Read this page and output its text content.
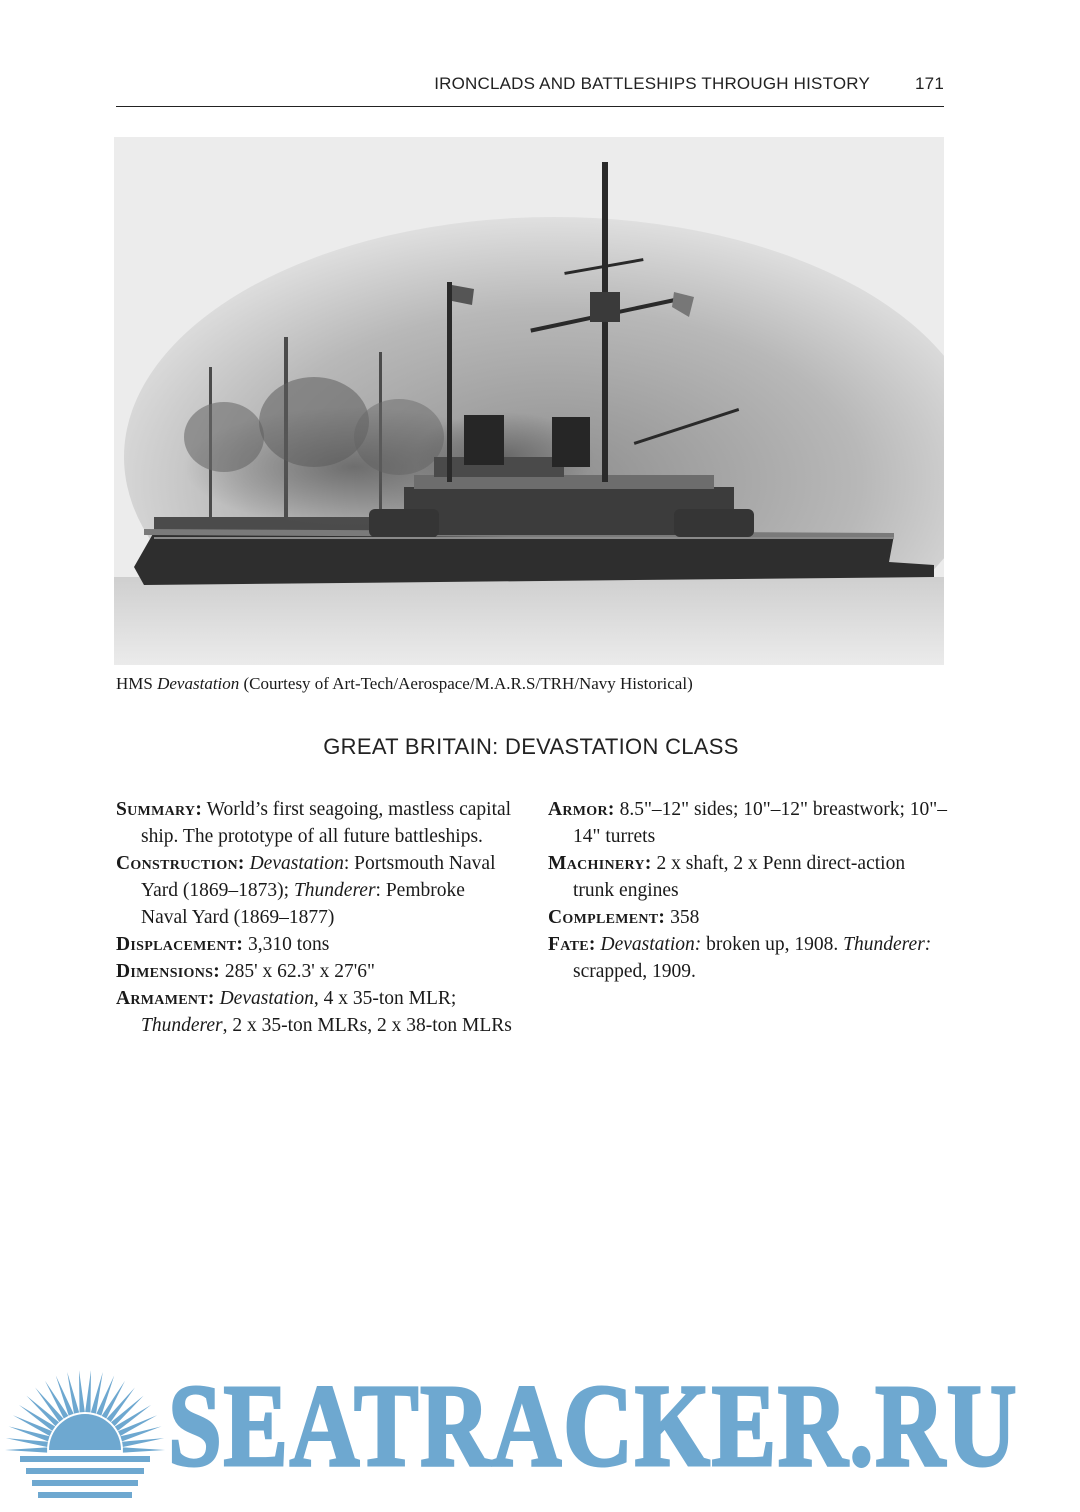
IRONCLADS AND BATTLESHIPS THROUGH HISTORY	171
HMS Devastation (Courtesy of Art-Tech/Aerospace/M.A.R.S/TRH/Navy Historical)
GREAT BRITAIN: DEVASTATION CLASS

Summary: World’s first seagoing, mastless capital ship. The prototype of all future battleships.

Construction: Devastation: Portsmouth Naval Yard (1869–1873); Thunderer: Pembroke Naval Yard (1869–1877)

Displacement: 3,310 tons

Dimensions: 285' x 62.3' x 27'6"

Armament: Devastation, 4 x 35-ton MLR; Thunderer, 2 x 35-ton MLRs, 2 x 38-ton MLRs

Armor: 8.5"–12" sides; 10"–12" breastwork; 10"–14" turrets

Machinery: 2 x shaft, 2 x Penn direct-action trunk engines

Complement: 358

Fate: Devastation: broken up, 1908. Thunderer: scrapped, 1909.

SEATRACKER.RU
